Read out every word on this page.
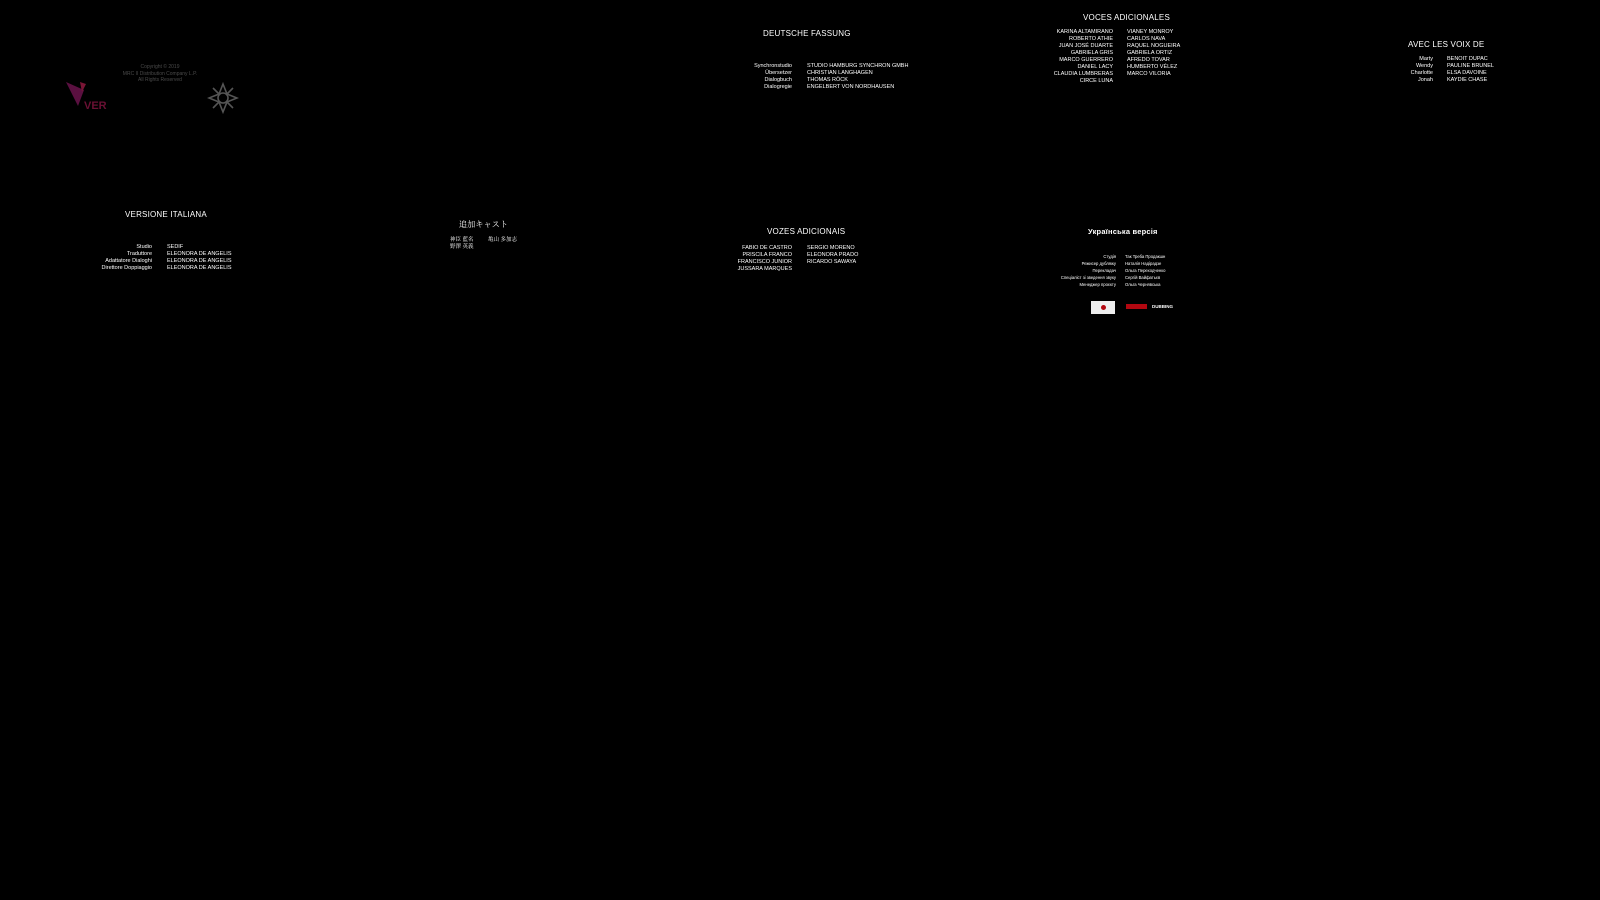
Copyright © 2019
MRC II Distribution Company L.P.
All Rights Reserved
VER
DEUTSCHE FASSUNG
Synchronstudio
Übersetzer
Dialogbuch
Dialogregie
STUDIO HAMBURG SYNCHRON GMBH
CHRISTIAN LANGHAGEN
THOMAS RÖCK
ENGELBERT VON NORDHAUSEN
VOCES ADICIONALES
KARINA ALTAMIRANO
ROBERTO ATHIE
JUAN JOSÉ DUARTE
GABRIELA GRIS
MARCO GUERRERO
DANIEL LACY
CLAUDIA LUMBRERAS
CIRCE LUNA
VIANEY MONROY
CARLOS NAVA
RAQUEL NOGUEIRA
GABRIELA ORTIZ
AFREDO TOVAR
HUMBERTO VÉLEZ
MARCO VILORIA
AVEC LES VOIX DE
Marty
Wendy
Charlotte
Jonah
BENOIT DUPAC
PAULINE BRUNEL
ELSA DAVOINE
KAYDIE CHASE
VERSIONE ITALIANA
Studio
Traduttore
Adattatore Dialoghi
Direttore Doppiaggio
SEDIF
ELEONORA DE ANGELIS
ELEONORA DE ANGELIS
ELEONORA DE ANGELIS
追加キャスト
神臣 藍名
野澤 英義
亀山 多加志
VOZES ADICIONAIS
FABIO DE CASTRO
PRISCILA FRANCO
FRANCISCO JUNIOR
JUSSARA MARQUES
SERGIO MORENO
ELEONORA PRADO
RICARDO SAWAYA
Українська версія
Студія
Режисер дубляжу
Перекладач
Спеціаліст зі зведення звуку
Менеджер проєкту
Так Треба Продакшн
Наталія Надірадзе
Ольга Переходченко
Сергій Вайфатьєв
Ольга Чернявська
DUBBING
